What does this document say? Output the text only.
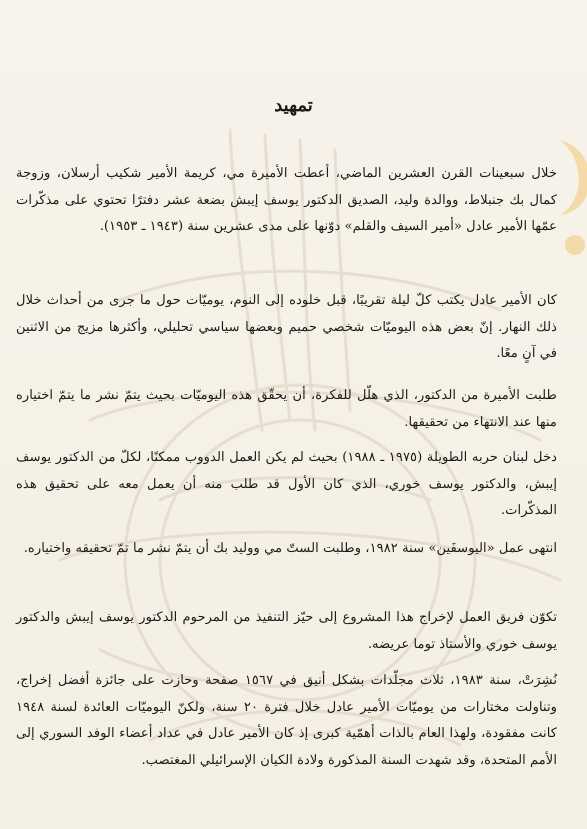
تمهيد

خلال سبعينات القرن العشرين الماضي، أعطت الأميرة مي، كريمة الأمير شكيب أرسلان، وزوجة كمال بك جنبلاط، ووالدة وليد، الصديق الدكتور يوسف إيبش بضعة عشر دفترًا تحتوي على مذكّرات عمّها الأمير عادل «أمير السيف والقلم» دوّنها على مدى عشرين سنة (١٩٤٣ ـ ١٩٥٣).

كان الأمير عادل يكتب كلّ ليلة تقريبًا، قبل خلوده إلى النوم، يوميّات حول ما جرى من أحداث خلال ذلك النهار. إنّ بعض هذه اليوميّات شخصي حميم وبعضها سياسي تحليلي، وأكثرها مزيج من الاثنين في آنٍ معًا.

طلبت الأميرة من الدكتور، الذي هلّل للفكرة، أن يحقّق هذه اليوميّات بحيث يتمّ نشر ما يتمّ اختياره منها عند الانتهاء من تحقيقها.

دخل لبنان حربه الطويلة (١٩٧٥ ـ ١٩٨٨) بحيث لم يكن العمل الدووب ممكنًا، لكلّ من الدكتور يوسف إيبش، والدكتور يوسف خوري، الذي كان الأول قد طلب منه أن يعمل معه على تحقيق هذه المذكّرات.

انتهى عمل «اليوسفَين» سنة ١٩٨٢، وطلبت الستّ مي ووليد بك أن يتمّ نشر ما تمّ تحقيقه واختياره.

تكوّن فريق العمل لإخراج هذا المشروع إلى حيّز التنفيذ من المرحوم الدكتور يوسف إيبش والدكتور يوسف خوري والأستاذ توما عريضه.

نُشِرَتْ، سنة ١٩٨٣، ثلاث مجلّدات بشكل أنيق في ١٥٦٧ صفحة وحازت على جائزة أفضل إخراج، وتناولت مختارات من يوميّات الأمير عادل خلال فترة ٢٠ سنة، ولكنّ اليوميّات العائدة لسنة ١٩٤٨ كانت مفقودة، ولهذا العام بالذات أهمّية كبرى إذ كان الأمير عادل في عداد أعضاء الوفد السوري إلى الأمم المتحدة، وقد شهدت السنة المذكورة ولادة الكيان الإسرائيلي المغتصب.
